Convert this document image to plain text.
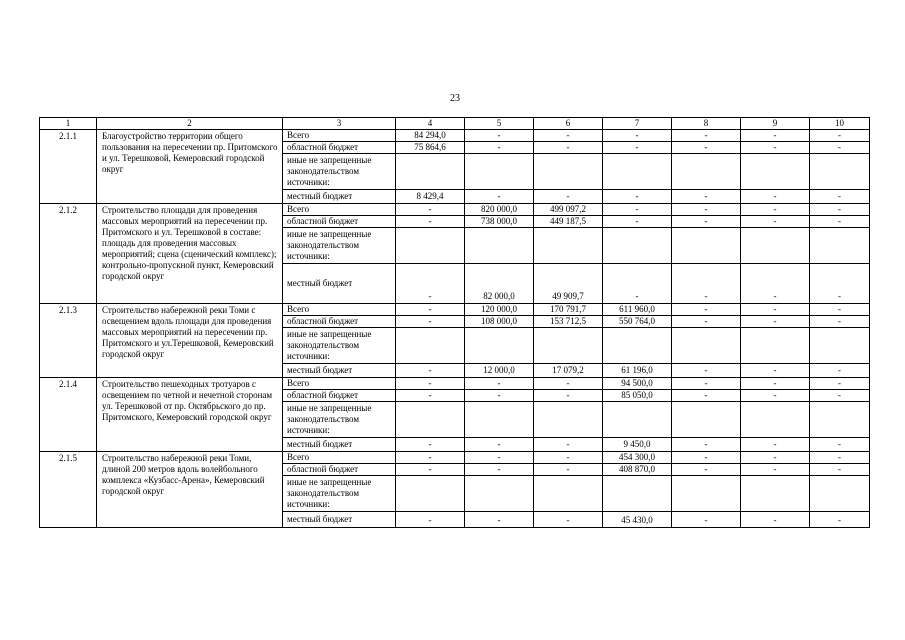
23
1	2	3	4	5	6	7	8	9	10
2.1.1	Благоустройство территории общего пользования на пересечении пр. Притомского и ул. Терешковой, Кемеровский городской округ	Всего	84 294,0	-	-	-	-	-	-
		областной бюджет	75 864,6	-	-	-	-	-	-
		иные не запрещенные законодательством источники:							
		местный бюджет	8 429,4	-	-	-	-	-	-

2.1.2	Строительство площади для проведения массовых мероприятий на пересечении пр. Притомского и ул. Терешковой в составе: площадь для проведения массовых мероприятий; сцена (сценический комплекс); контрольно-пропускной пункт, Кемеровский городской округ	Всего	-	820 000,0	499 097,2	-	-	-	-
		областной бюджет	-	738 000,0	449 187,5	-	-	-	-
		иные не запрещенные законодательством источники:							
		местный бюджет	-	82 000,0	49 909,7	-	-	-	-

2.1.3	Строительство набережной реки Томи с освещением вдоль площади для проведения массовых мероприятий на пересечении пр. Притомского и ул.Терешковой, Кемеровский городской округ	Всего	-	120 000,0	170 791,7	611 960,0	-	-	-
		областной бюджет	-	108 000,0	153 712,5	550 764,0	-	-	-
		иные не запрещенные законодательством источники:							
		местный бюджет	-	12 000,0	17 079,2	61 196,0	-	-	-

2.1.4	Строительство пешеходных тротуаров с освещением по четной и нечетной сторонам ул. Терешковой от пр. Октябрьского до пр. Притомского, Кемеровский городской округ	Всего	-	-	-	94 500,0	-	-	-
		областной бюджет	-	-	-	85 050,0	-	-	-
		иные не запрещенные законодательством источники:							
		местный бюджет	-	-	-	9 450,0	-	-	-

2.1.5	Строительство набережной реки Томи, длиной 200 метров вдоль волейбольного комплекса «Кузбасс-Арена», Кемеровский городской округ	Всего	-	-	-	454 300,0	-	-	-
		областной бюджет	-	-	-	408 870,0	-	-	-
		иные не запрещенные законодательством источники:							
		местный бюджет	-	-	-	45 430,0	-	-	-
